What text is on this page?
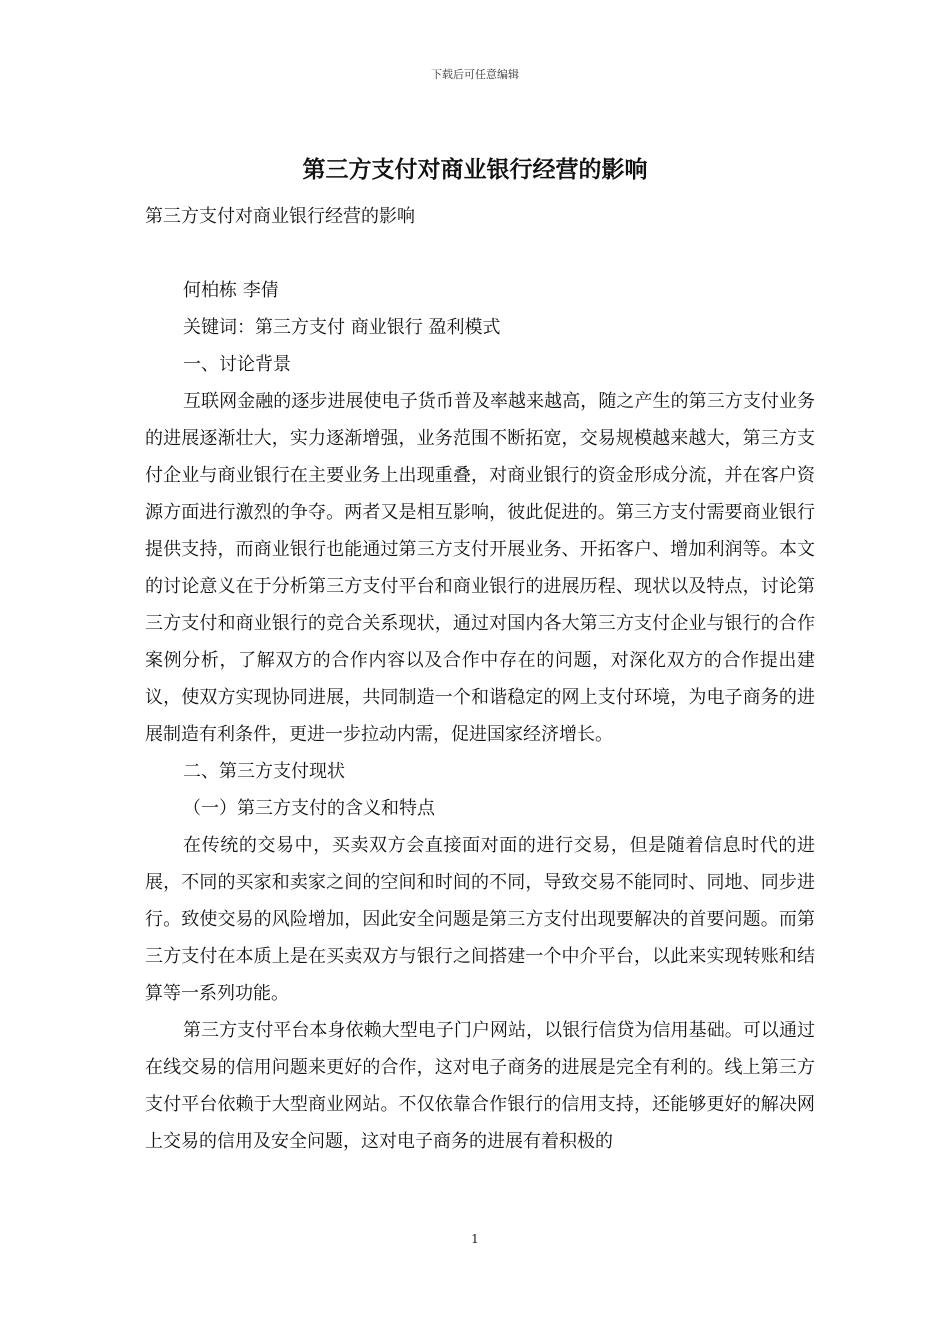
下载后可任意编辑
第三方支付对商业银行经营的影响

第三方支付对商业银行经营的影响

何柏栋 李倩

关键词：第三方支付 商业银行 盈利模式

一、讨论背景

互联网金融的逐步进展使电子货币普及率越来越高，随之产生的第三方支付业务的进展逐渐壮大，实力逐渐增强，业务范围不断拓宽，交易规模越来越大，第三方支付企业与商业银行在主要业务上出现重叠，对商业银行的资金形成分流，并在客户资源方面进行激烈的争夺。两者又是相互影响，彼此促进的。第三方支付需要商业银行提供支持，而商业银行也能通过第三方支付开展业务、开拓客户、增加利润等。本文的讨论意义在于分析第三方支付平台和商业银行的进展历程、现状以及特点，讨论第三方支付和商业银行的竞合关系现状，通过对国内各大第三方支付企业与银行的合作案例分析，了解双方的合作内容以及合作中存在的问题，对深化双方的合作提出建议，使双方实现协同进展，共同制造一个和谐稳定的网上支付环境，为电子商务的进展制造有利条件，更进一步拉动内需，促进国家经济增长。

二、第三方支付现状

（一）第三方支付的含义和特点

在传统的交易中，买卖双方会直接面对面的进行交易，但是随着信息时代的进展，不同的买家和卖家之间的空间和时间的不同，导致交易不能同时、同地、同步进行。致使交易的风险增加，因此安全问题是第三方支付出现要解决的首要问题。而第三方支付在本质上是在买卖双方与银行之间搭建一个中介平台，以此来实现转账和结算等一系列功能。

第三方支付平台本身依赖大型电子门户网站，以银行信贷为信用基础。可以通过在线交易的信用问题来更好的合作，这对电子商务的进展是完全有利的。线上第三方支付平台依赖于大型商业网站。不仅依靠合作银行的信用支持，还能够更好的解决网上交易的信用及安全问题，这对电子商务的进展有着积极的

1
